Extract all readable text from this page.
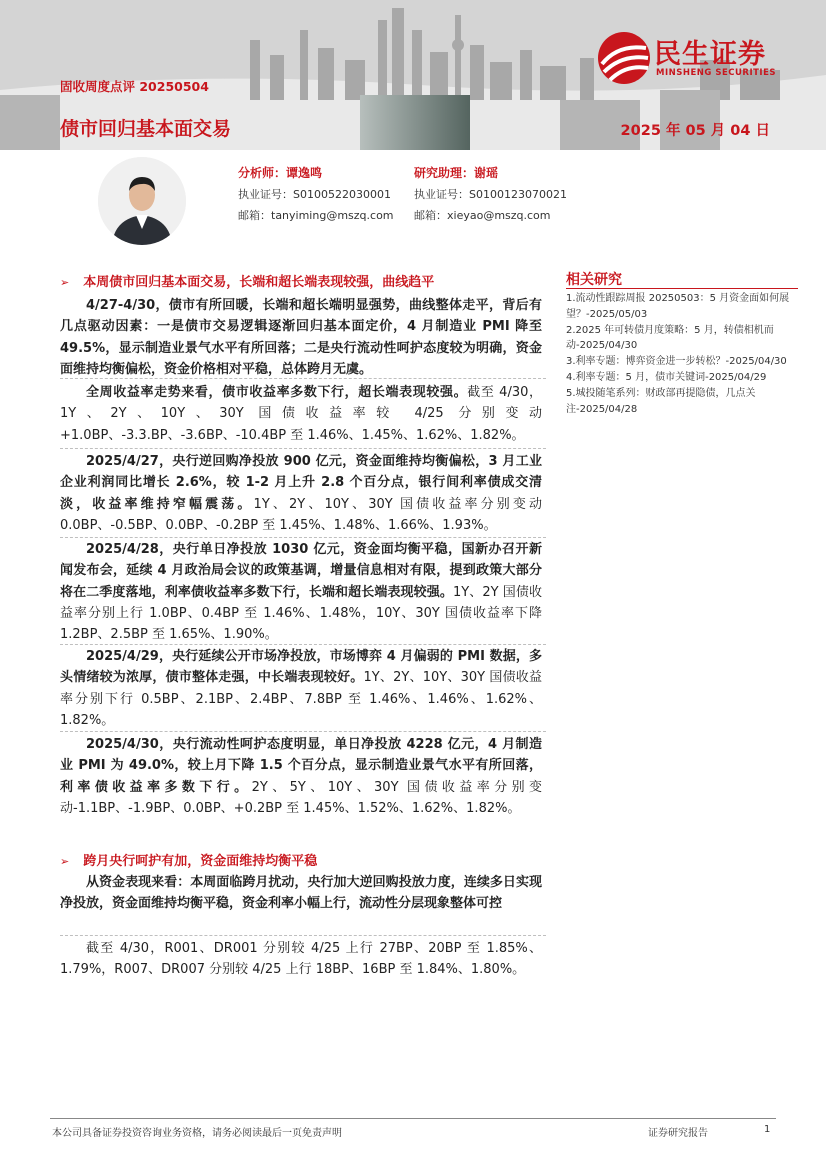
固收周度点评 20250504
债市回归基本面交易	2025 年 05 月 04 日
民生证券
MINSHENG SECURITIES
分析师：谭逸鸣
执业证号：S0100522030001
邮箱：tanyiming@mszq.com
研究助理：谢瑶
执业证号：S0100123070021
邮箱：xieyao@mszq.com
➢ 本周债市回归基本面交易，长端和超长端表现较强，曲线趋平
4/27-4/30，债市有所回暖，长端和超长端明显强势，曲线整体走平，背后有几点驱动因素：一是债市交易逻辑逐渐回归基本面定价，4 月制造业 PMI 降至 49.5%，显示制造业景气水平有所回落；二是央行流动性呵护态度较为明确，资金面维持均衡偏松，资金价格相对平稳，总体跨月无虞。
全周收益率走势来看，债市收益率多数下行，超长端表现较强。截至 4/30，1Y、2Y、10Y、30Y 国债收益率较 4/25 分别变动+1.0BP、-3.3.BP、-3.6BP、-10.4BP 至 1.46%、1.45%、1.62%、1.82%。
2025/4/27，央行逆回购净投放 900 亿元，资金面维持均衡偏松，3 月工业企业利润同比增长 2.6%，较 1-2 月上升 2.8 个百分点，银行间利率债成交清淡，收益率维持窄幅震荡。1Y、2Y、10Y、30Y 国债收益率分别变动 0.0BP、-0.5BP、0.0BP、-0.2BP 至 1.45%、1.48%、1.66%、1.93%。
2025/4/28，央行单日净投放 1030 亿元，资金面均衡平稳，国新办召开新闻发布会，延续 4 月政治局会议的政策基调，增量信息相对有限，提到政策大部分将在二季度落地，利率债收益率多数下行，长端和超长端表现较强。1Y、2Y 国债收益率分别上行 1.0BP、0.4BP 至 1.46%、1.48%，10Y、30Y 国债收益率下降 1.2BP、2.5BP 至 1.65%、1.90%。
2025/4/29，央行延续公开市场净投放，市场博弈 4 月偏弱的 PMI 数据，多头情绪较为浓厚，债市整体走强，中长端表现较好。1Y、2Y、10Y、30Y 国债收益率分别下行 0.5BP、2.1BP、2.4BP、7.8BP 至 1.46%、1.46%、1.62%、1.82%。
2025/4/30，央行流动性呵护态度明显，单日净投放 4228 亿元，4 月制造业 PMI 为 49.0%，较上月下降 1.5 个百分点，显示制造业景气水平有所回落，利率债收益率多数下行。2Y、5Y、10Y、30Y 国债收益率分别变动-1.1BP、-1.9BP、0.0BP、+0.2BP 至 1.45%、1.52%、1.62%、1.82%。
➢ 跨月央行呵护有加，资金面维持均衡平稳
从资金表现来看：本周面临跨月扰动，央行加大逆回购投放力度，连续多日实现净投放，资金面维持均衡平稳，资金利率小幅上行，流动性分层现象整体可控
截至 4/30，R001、DR001 分别较 4/25 上行 27BP、20BP 至 1.85%、1.79%，R007、DR007 分别较 4/25 上行 18BP、16BP 至 1.84%、1.80%。
相关研究
1.流动性跟踪周报 20250503：5 月资金面如何展望？-2025/05/03
2.2025 年可转债月度策略：5 月，转债相机而动-2025/04/30
3.利率专题：博弈资金进一步转松？-2025/04/30
4.利率专题：5 月，债市关键词-2025/04/29
5.城投随笔系列：财政部再提隐债，几点关注-2025/04/28
本公司具备证券投资咨询业务资格，请务必阅读最后一页免责声明	证券研究报告	1
